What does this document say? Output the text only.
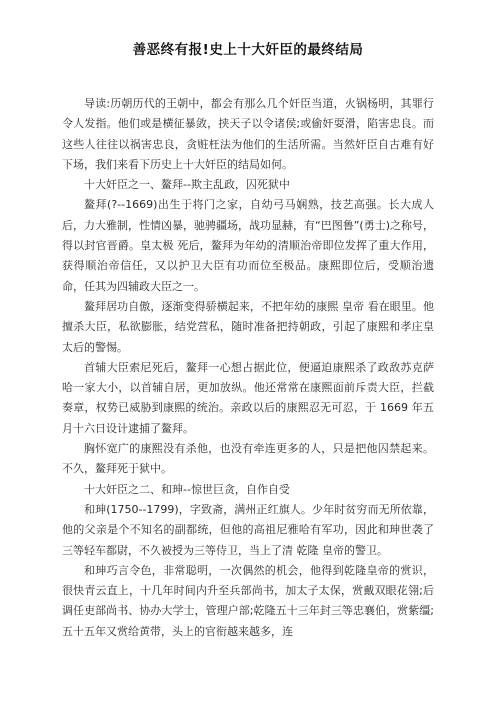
善恶终有报!史上十大奸臣的最终结局

导读:历朝历代的王朝中，都会有那么几个奸臣当道，火锅杨明，其罪行令人发指。他们或是横征暴敛，挟天子以令诸侯;或偷奸耍滑，陷害忠良。而这些人往往以祸害忠良，贪赃枉法为他们的生活所需。当然奸臣自古难有好下场，我们来看下历史上十大奸臣的结局如何。

十大奸臣之一、鳌拜--欺主乱政，囚死狱中

鳌拜(?--1669)出生于将门之家，自幼弓马娴熟，技艺高强。长大成人后，力大雅制，性情凶暴，驰骋疆场，战功显赫，有“巴图鲁”(勇士)之称号，得以封官晋爵。皇太极 死后，鳌拜为年幼的清顺治帝即位发挥了重大作用，获得顺治帝信任，又以护卫大臣有功而位至极品。康熙即位后，受顺治遗命，任其为四辅政大臣之一。

鳌拜居功自傲，逐渐变得骄横起来，不把年幼的康熙 皇帝 看在眼里。他擅杀大臣，私欲膨胀，结党营私，随时准备把持朝政，引起了康熙和孝庄皇太后的警惕。

首辅大臣索尼死后，鳌拜一心想占据此位，便逼迫康熙杀了政敌苏克萨哈一家大小，以首辅自居，更加放纵。他还常常在康熙面前斥责大臣，拦截奏章，权势已威胁到康熙的统治。亲政以后的康熙忍无可忍，于 1669 年五月十六日设计逮捕了鳌拜。

胸怀宽广的康熙没有杀他，也没有牵连更多的人，只是把他囚禁起来。不久，鳌拜死于狱中。

十大奸臣之二、和珅--惊世巨贪，自作自受

和珅(1750--1799)，字致斋，满州正红旗人。少年时贫穷而无所依靠，他的父亲是个不知名的副都统，但他的高祖尼雅哈有军功，因此和珅世袭了三等轻车都尉，不久被授为三等侍卫，当上了清 乾隆 皇帝的警卫。

和珅巧言令色，非常聪明，一次偶然的机会，他得到乾隆皇帝的赏识，很快青云直上，十几年时间内升至兵部尚书，加太子太保，赏戴双眼花翎;后调任吏部尚书、协办大学士，管理户部;乾隆五十三年封三等忠襄伯，赏紫缰;五十五年又赏给黄带，头上的官衔越来越多，连
